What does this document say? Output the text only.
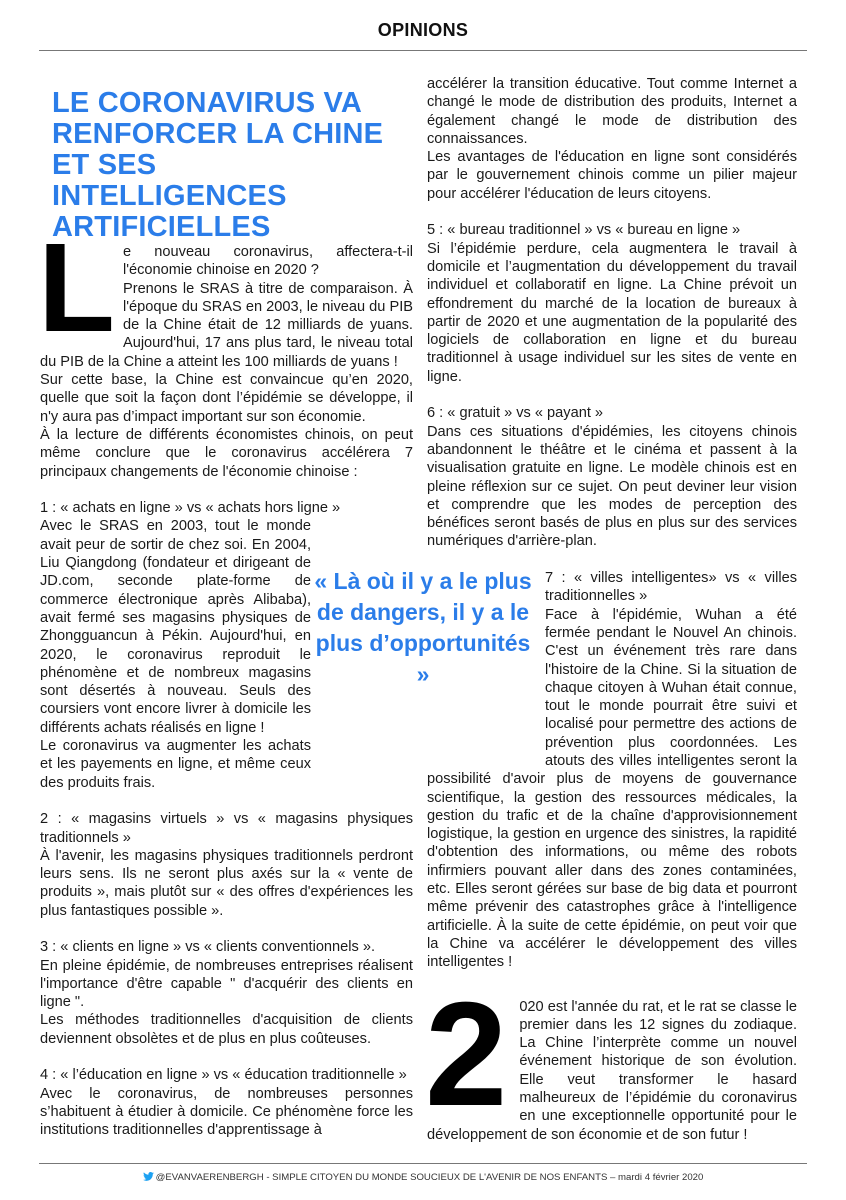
OPINIONS
LE CORONAVIRUS VA RENFORCER LA CHINE ET SES INTELLIGENCES ARTIFICIELLES
L e nouveau coronavirus, affectera-t-il l'économie chinoise en 2020 ?

Prenons le SRAS à titre de comparaison. À l'époque du SRAS en 2003, le niveau du PIB de la Chine était de 12 milliards de yuans. Aujourd'hui, 17 ans plus tard, le niveau total du PIB de la Chine a atteint les 100 milliards de yuans !

Sur cette base, la Chine est convaincue qu’en 2020, quelle que soit la façon dont l’épidémie se développe, il n'y aura pas d’impact important sur son économie.

À la lecture de différents économistes chinois, on peut même conclure que le coronavirus accélérera 7 principaux changements de l'économie chinoise :

1 : « achats en ligne » vs « achats hors ligne »

Avec le SRAS en 2003, tout le monde avait peur de sortir de chez soi. En 2004, Liu Qiangdong (fondateur et dirigeant de JD.com, seconde plate-forme de commerce électronique après Alibaba), avait fermé ses magasins physiques de Zhongguancun à Pékin. Aujourd'hui, en 2020, le coronavirus reproduit le phénomène et de nombreux magasins sont désertés à nouveau. Seuls des coursiers vont encore livrer à domicile les différents achats réalisés en ligne !

Le coronavirus va augmenter les achats et les payements en ligne, et même ceux des produits frais.

2 : « magasins virtuels » vs « magasins physiques traditionnels »

À l'avenir, les magasins physiques traditionnels perdront leurs sens. Ils ne seront plus axés sur la « vente de produits », mais plutôt sur « des offres d'expériences les plus fantastiques possible ».

3 : « clients en ligne » vs « clients conventionnels ».

En pleine épidémie, de nombreuses entreprises réalisent l'importance d'être capable " d'acquérir des clients en ligne ".

Les méthodes traditionnelles d'acquisition de clients deviennent obsolètes et de plus en plus coûteuses.

4 : « l’éducation en ligne » vs « éducation traditionnelle »

Avec le coronavirus, de nombreuses personnes s’habituent à étudier à domicile. Ce phénomène force les institutions traditionnelles d'apprentissage à

accélérer la transition éducative. Tout comme Internet a changé le mode de distribution des produits, Internet a également changé le mode de distribution des connaissances.

Les avantages de l'éducation en ligne sont considérés par le gouvernement chinois comme un pilier majeur pour accélérer l'éducation de leurs citoyens.

5 : « bureau traditionnel » vs « bureau en ligne »

Si l’épidémie perdure, cela augmentera le travail à domicile et l’augmentation du développement du travail individuel et collaboratif en ligne. La Chine prévoit un effondrement du marché de la location de bureaux à partir de 2020 et une augmentation de la popularité des logiciels de collaboration en ligne et du bureau traditionnel à usage individuel sur les sites de vente en ligne.

6 : « gratuit » vs « payant »

Dans ces situations d'épidémies, les citoyens chinois abandonnent le théâtre et le cinéma et passent à la visualisation gratuite en ligne. Le modèle chinois est en pleine réflexion sur ce sujet. On peut deviner leur vision et comprendre que les modes de perception des bénéfices seront basés de plus en plus sur des services numériques d'arrière-plan.

7 : « villes intelligentes» vs « villes traditionnelles »

Face à l'épidémie, Wuhan a été fermée pendant le Nouvel An chinois. C'est un événement très rare dans l'histoire de la Chine. Si la situation de chaque citoyen à Wuhan était connue, tout le monde pourrait être suivi et localisé pour permettre des actions de prévention plus coordonnées. Les atouts des villes intelligentes seront la possibilité d'avoir plus de moyens de gouvernance scientifique, la gestion des ressources médicales, la gestion du trafic et de la chaîne d'approvisionnement logistique, la gestion en urgence des sinistres, la rapidité d'obtention des informations, ou même des robots infirmiers pouvant aller dans des zones contaminées, etc. Elles seront gérées sur base de big data et pourront même prévenir des catastrophes grâce à l'intelligence artificielle. À la suite de cette épidémie, on peut voir que la Chine va accélérer le développement des villes intelligentes !

2 020 est l'année du rat, et le rat se classe le premier dans les 12 signes du zodiaque. La Chine l’interprète comme un nouvel événement historique de son évolution. Elle veut transformer le hasard malheureux de l’épidémie du coronavirus en une exceptionnelle opportunité pour le développement de son économie et de son futur !

« Là où il y a le plus de dangers, il y a le plus d’opportunités »
@EVANVAERENBERGH - SIMPLE CITOYEN DU MONDE SOUCIEUX DE L'AVENIR DE NOS ENFANTS – mardi 4 février 2020
